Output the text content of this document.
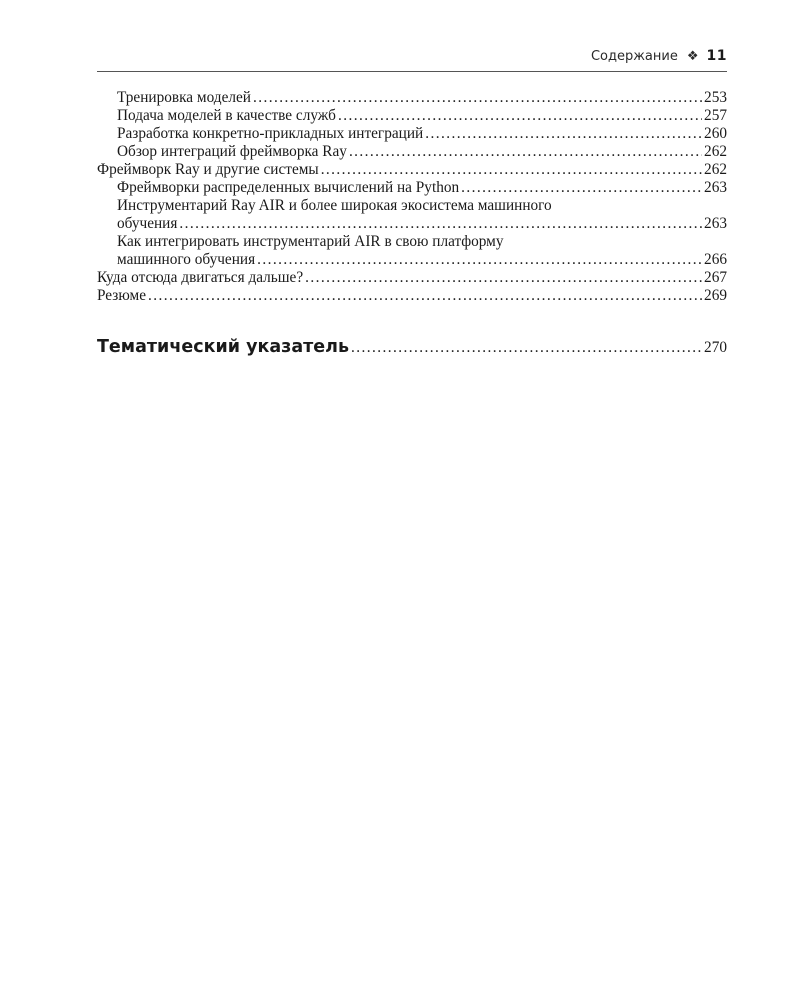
Содержание ❖ 11
Тренировка моделей . . .	253
Подача моделей в качестве служб . . .	257
Разработка конкретно-прикладных интеграций . . .	260
Обзор интеграций фреймворка Ray . . .	262
Фреймворк Ray и другие системы . . .	262
Фреймворки распределенных вычислений на Python . . .	263
Инструментарий Ray AIR и более широкая экосистема машинного
обучения . . .	263
Как интегрировать инструментарий AIR в свою платформу
машинного обучения . . .	266
Куда отсюда двигаться дальше? . . .	267
Резюме . . .	269
Тематический указатель . . .	270
